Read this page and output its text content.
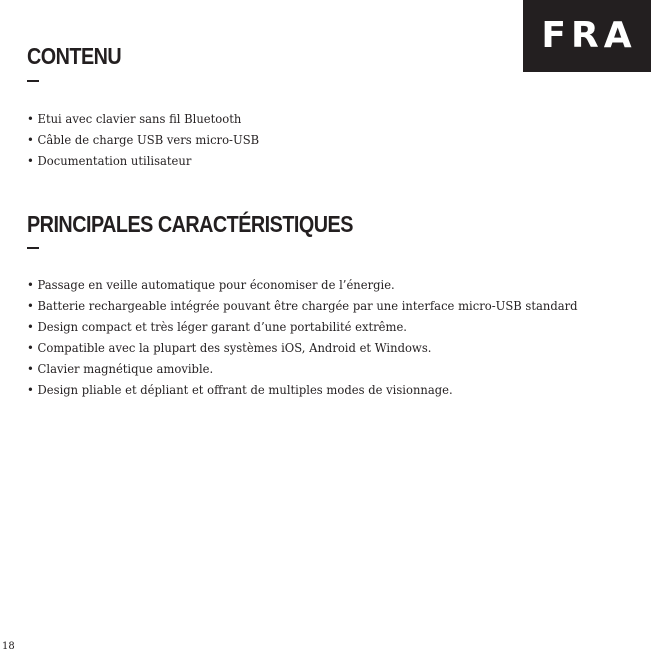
FRA
CONTENU
• Etui avec clavier sans fil Bluetooth
• Câble de charge USB vers micro-USB
• Documentation utilisateur
PRINCIPALES CARACTÉRISTIQUES
• Passage en veille automatique pour économiser de l’énergie.
• Batterie rechargeable intégrée pouvant être chargée par une interface micro-USB standard
• Design compact et très léger garant d’une portabilité extrême.
• Compatible avec la plupart des systèmes iOS, Android et Windows.
• Clavier magnétique amovible.
• Design pliable et dépliant et offrant de multiples modes de visionnage.
18
